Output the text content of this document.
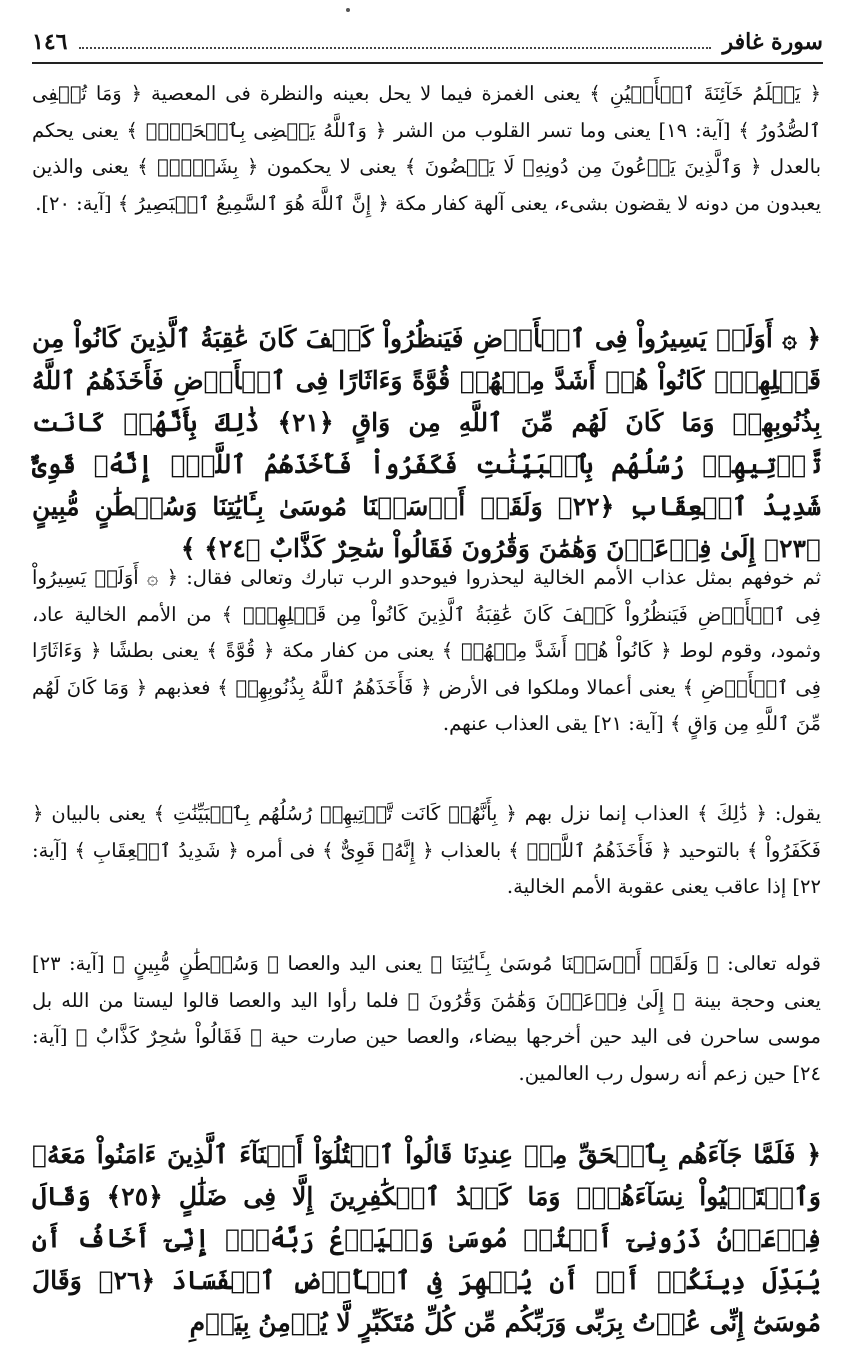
سورة غافر
١٤٦

﴿ يَعۡلَمُ خَآئِنَةَ ٱلۡأَعۡيُنِ ﴾ يعنى الغمزة فيما لا يحل بعينه والنظرة فى المعصية ﴿ وَمَا تُخۡفِى ٱلصُّدُورُ ﴾ [آية: ١٩] يعنى وما تسر القلوب من الشر ﴿ وَٱللَّهُ يَقۡضِى بِٱلۡحَقِّۖ ﴾ يعنى يحكم بالعدل ﴿ وَٱلَّذِينَ يَدۡعُونَ مِن دُونِهِۦ لَا يَقۡضُونَ ﴾ يعنى لا يحكمون ﴿ بِشَىۡءٍۗ ﴾ يعنى والذين يعبدون من دونه لا يقضون بشىء، يعنى آلهة كفار مكة ﴿ إِنَّ ٱللَّهَ هُوَ ٱلسَّمِيعُ ٱلۡبَصِيرُ ﴾ [آية: ٢٠].

﴿ ۞ أَوَلَمۡ يَسِيرُواْ فِى ٱلۡأَرۡضِ فَيَنظُرُواْ كَيۡفَ كَانَ عَٰقِبَةُ ٱلَّذِينَ كَانُواْ مِن قَبۡلِهِمۡۚ كَانُواْ هُمۡ أَشَدَّ مِنۡهُمۡ قُوَّةً وَءَاثَارًا فِى ٱلۡأَرۡضِ فَأَخَذَهُمُ ٱللَّهُ بِذُنُوبِهِمۡ وَمَا كَانَ لَهُم مِّنَ ٱللَّهِ مِن وَاقٍ ﴿٢١﴾ ذَٰلِكَ بِأَنَّهُمۡ كَانَت تَّأۡتِيهِمۡ رُسُلُهُم بِٱلۡبَيِّنَٰتِ فَكَفَرُواْ فَأَخَذَهُمُ ٱللَّهُۚ إِنَّهُۥ قَوِىٌّ شَدِيدُ ٱلۡعِقَابِ ﴿٢٢﴾ وَلَقَدۡ أَرۡسَلۡنَا مُوسَىٰ بِـَٔايَٰتِنَا وَسُلۡطَٰنٍ مُّبِينٍ ﴿٢٣﴾ إِلَىٰ فِرۡعَوۡنَ وَهَٰمَٰنَ وَقَٰرُونَ فَقَالُواْ سَٰحِرٌ كَذَّابٌ ﴿٢٤﴾ ﴾

ثم خوفهم بمثل عذاب الأمم الخالية ليحذروا فيوحدو الرب تبارك وتعالى فقال: ﴿ ۞ أَوَلَمۡ يَسِيرُواْ فِى ٱلۡأَرۡضِ فَيَنظُرُواْ كَيۡفَ كَانَ عَٰقِبَةُ ٱلَّذِينَ كَانُواْ مِن قَبۡلِهِمۡۚ ﴾ من الأمم الخالية عاد، وثمود، وقوم لوط ﴿ كَانُواْ هُمۡ أَشَدَّ مِنۡهُمۡ ﴾ يعنى من كفار مكة ﴿ قُوَّةً ﴾ يعنى بطشًا ﴿ وَءَاثَارًا فِى ٱلۡأَرۡضِ ﴾ يعنى أعمالا وملكوا فى الأرض ﴿ فَأَخَذَهُمُ ٱللَّهُ بِذُنُوبِهِمۡ ﴾ فعذبهم ﴿ وَمَا كَانَ لَهُم مِّنَ ٱللَّهِ مِن وَاقٍ ﴾ [آية: ٢١] يقى العذاب عنهم.

يقول: ﴿ ذَٰلِكَ ﴾ العذاب إنما نزل بهم ﴿ بِأَنَّهُمۡ كَانَت تَّأۡتِيهِمۡ رُسُلُهُم بِٱلۡبَيِّنَٰتِ ﴾ يعنى بالبيان ﴿ فَكَفَرُواْ ﴾ بالتوحيد ﴿ فَأَخَذَهُمُ ٱللَّهُۚ ﴾ بالعذاب ﴿ إِنَّهُۥ قَوِىٌّ ﴾ فى أمره ﴿ شَدِيدُ ٱلۡعِقَابِ ﴾ [آية: ٢٢] إذا عاقب يعنى عقوبة الأمم الخالية.

قوله تعالى: ﴿ وَلَقَدۡ أَرۡسَلۡنَا مُوسَىٰ بِـَٔايَٰتِنَا ﴾ يعنى اليد والعصا ﴿ وَسُلۡطَٰنٍ مُّبِينٍ ﴾ [آية: ٢٣] يعنى وحجة بينة ﴿ إِلَىٰ فِرۡعَوۡنَ وَهَٰمَٰنَ وَقَٰرُونَ ﴾ فلما رأوا اليد والعصا قالوا ليستا من الله بل موسى ساحرن فى اليد حين أخرجها بيضاء، والعصا حين صارت حية ﴿ فَقَالُواْ سَٰحِرٌ كَذَّابٌ ﴾ [آية: ٢٤] حين زعم أنه رسول رب العالمين.

﴿ فَلَمَّا جَآءَهُم بِٱلۡحَقِّ مِنۡ عِندِنَا قَالُواْ ٱقۡتُلُوٓاْ أَبۡنَآءَ ٱلَّذِينَ ءَامَنُواْ مَعَهُۥ وَٱسۡتَحۡيُواْ نِسَآءَهُمۡۚ وَمَا كَيۡدُ ٱلۡكَٰفِرِينَ إِلَّا فِى ضَلَٰلٍ ﴿٢٥﴾ وَقَالَ فِرۡعَوۡنُ ذَرُونِىٓ أَقۡتُلۡ مُوسَىٰ وَلۡيَدۡعُ رَبَّهُۥٓۖ إِنِّىٓ أَخَافُ أَن يُبَدِّلَ دِينَكُمۡ أَوۡ أَن يُظۡهِرَ فِى ٱلۡأَرۡضِ ٱلۡفَسَادَ ﴿٢٦﴾ وَقَالَ مُوسَىٰٓ إِنِّى عُذۡتُ بِرَبِّى وَرَبِّكُم مِّن كُلِّ مُتَكَبِّرٍ لَّا يُؤۡمِنُ بِيَوۡمِ
